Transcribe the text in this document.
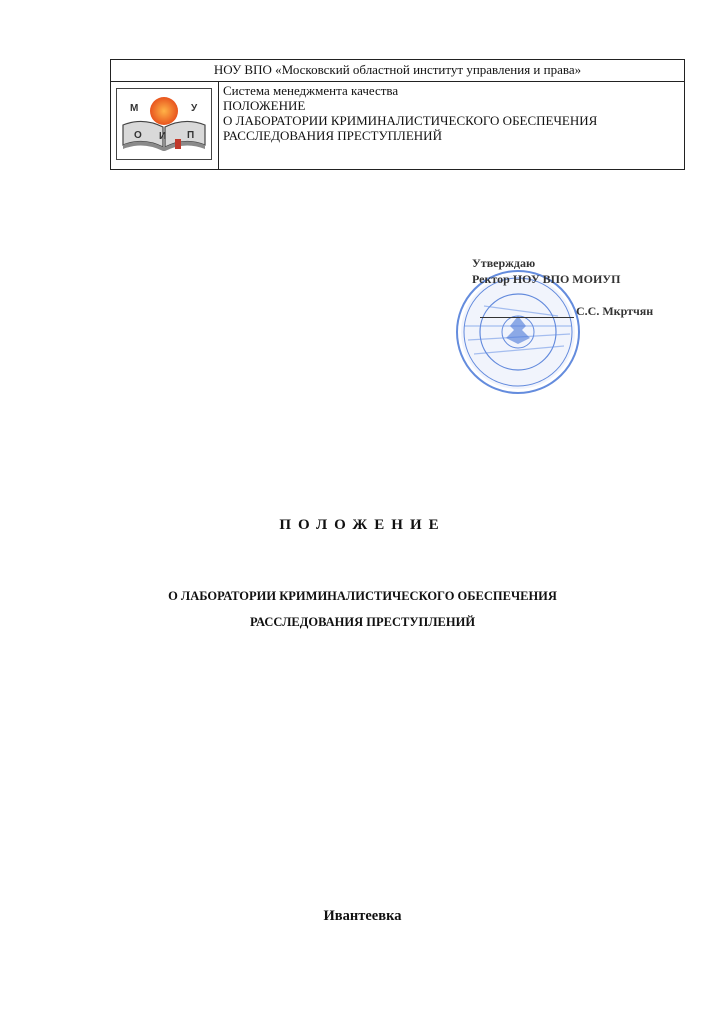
НОУ ВПО «Московский областной институт управления и права»

М
О И
У
П

Система менеджмента качества
ПОЛОЖЕНИЕ
О ЛАБОРАТОРИИ КРИМИНАЛИСТИЧЕСКОГО ОБЕСПЕЧЕНИЯ
РАССЛЕДОВАНИЯ ПРЕСТУПЛЕНИЙ
Утверждаю
Ректор НОУ ВПО МОИУП
С.С. Мкртчян
ПОЛОЖЕНИЕ
О ЛАБОРАТОРИИ КРИМИНАЛИСТИЧЕСКОГО ОБЕСПЕЧЕНИЯ
РАССЛЕДОВАНИЯ ПРЕСТУПЛЕНИЙ
Ивантеевка
